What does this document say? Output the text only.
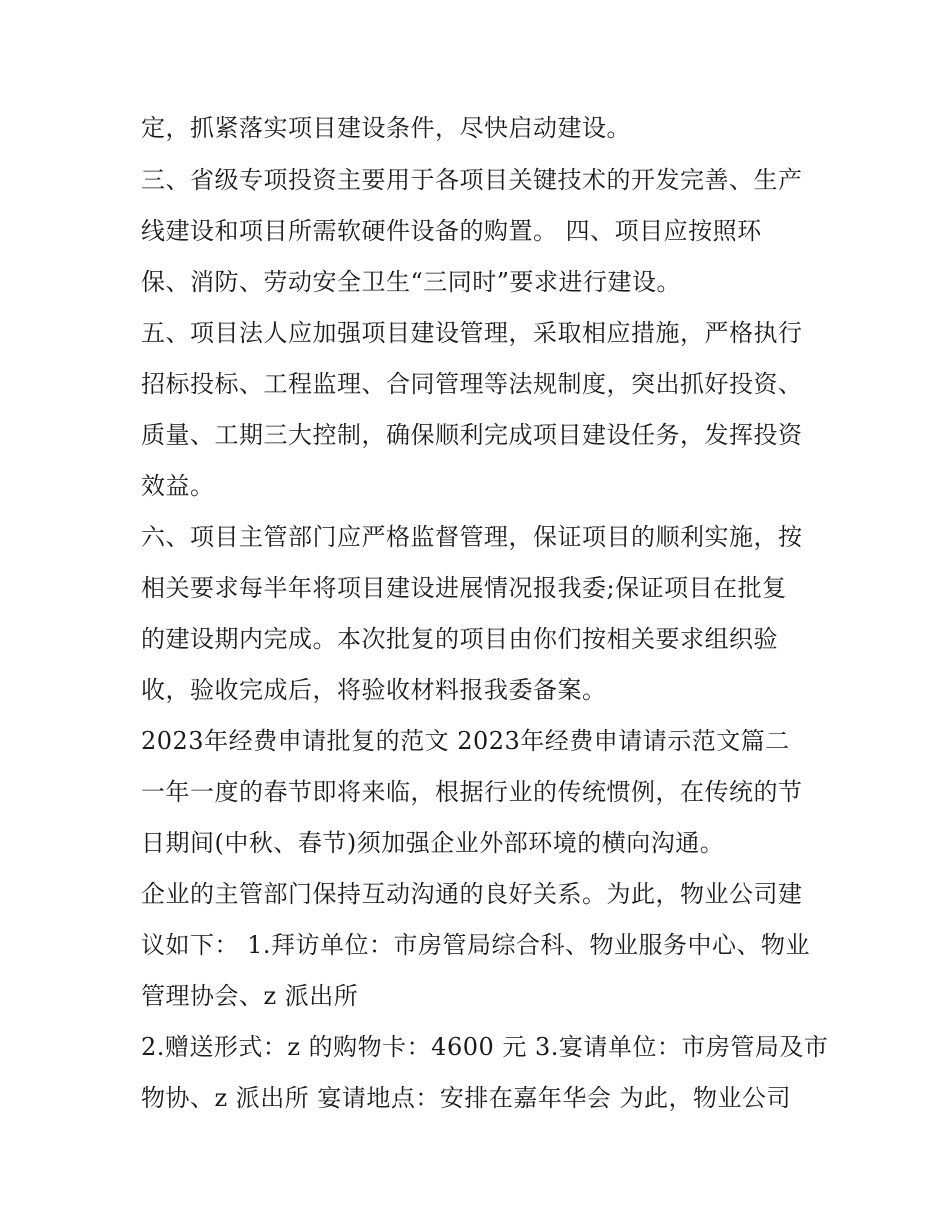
定，抓紧落实项目建设条件，尽快启动建设。

三、省级专项投资主要用于各项目关键技术的开发完善、生产

线建设和项目所需软硬件设备的购置。 四、项目应按照环

保、消防、劳动安全卫生“三同时”要求进行建设。

五、项目法人应加强项目建设管理，采取相应措施，严格执行

招标投标、工程监理、合同管理等法规制度，突出抓好投资、

质量、工期三大控制，确保顺利完成项目建设任务，发挥投资

效益。

六、项目主管部门应严格监督管理，保证项目的顺利实施，按

相关要求每半年将项目建设进展情况报我委;保证项目在批复

的建设期内完成。本次批复的项目由你们按相关要求组织验

收，验收完成后，将验收材料报我委备案。

2023年经费申请批复的范文 2023年经费申请请示范文篇二

一年一度的春节即将来临，根据行业的传统惯例，在传统的节

日期间(中秋、春节)须加强企业外部环境的横向沟通。

企业的主管部门保持互动沟通的良好关系。为此，物业公司建

议如下： 1.拜访单位：市房管局综合科、物业服务中心、物业

管理协会、z 派出所

2.赠送形式：z 的购物卡：4600 元 3.宴请单位：市房管局及市

物协、z 派出所 宴请地点：安排在嘉年华会 为此，物业公司
